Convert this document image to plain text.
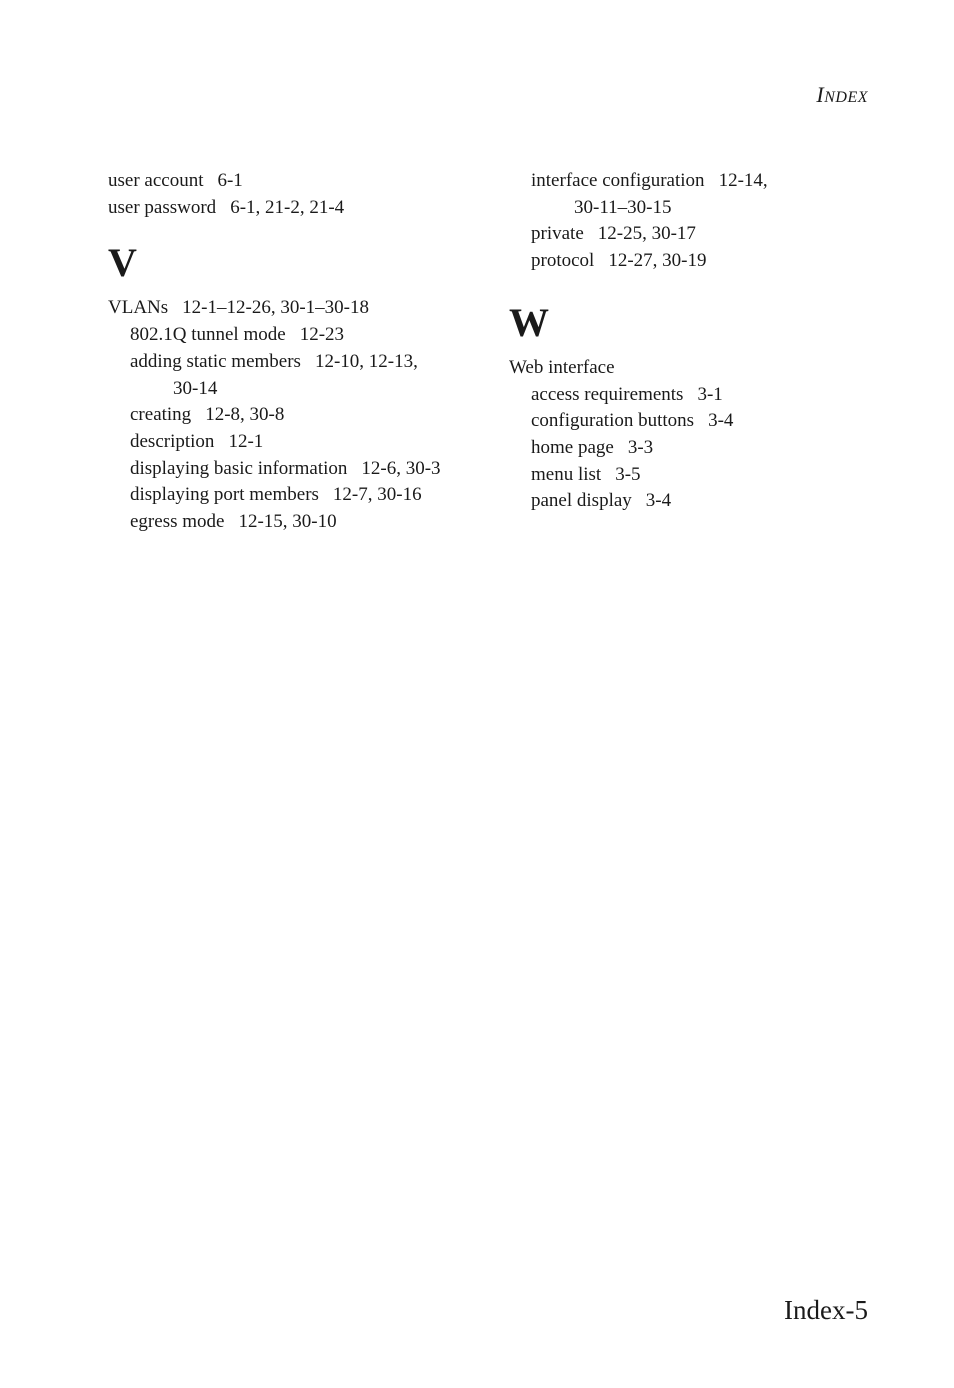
INDEX
user account 6-1
user password 6-1, 21-2, 21-4
V
VLANs 12-1–12-26, 30-1–30-18
802.1Q tunnel mode 12-23
adding static members 12-10, 12-13,
30-14
creating 12-8, 30-8
description 12-1
displaying basic information 12-6, 30-3
displaying port members 12-7, 30-16
egress mode 12-15, 30-10
interface configuration 12-14,
30-11–30-15
private 12-25, 30-17
protocol 12-27, 30-19
W
Web interface
access requirements 3-1
configuration buttons 3-4
home page 3-3
menu list 3-5
panel display 3-4
Index-5
